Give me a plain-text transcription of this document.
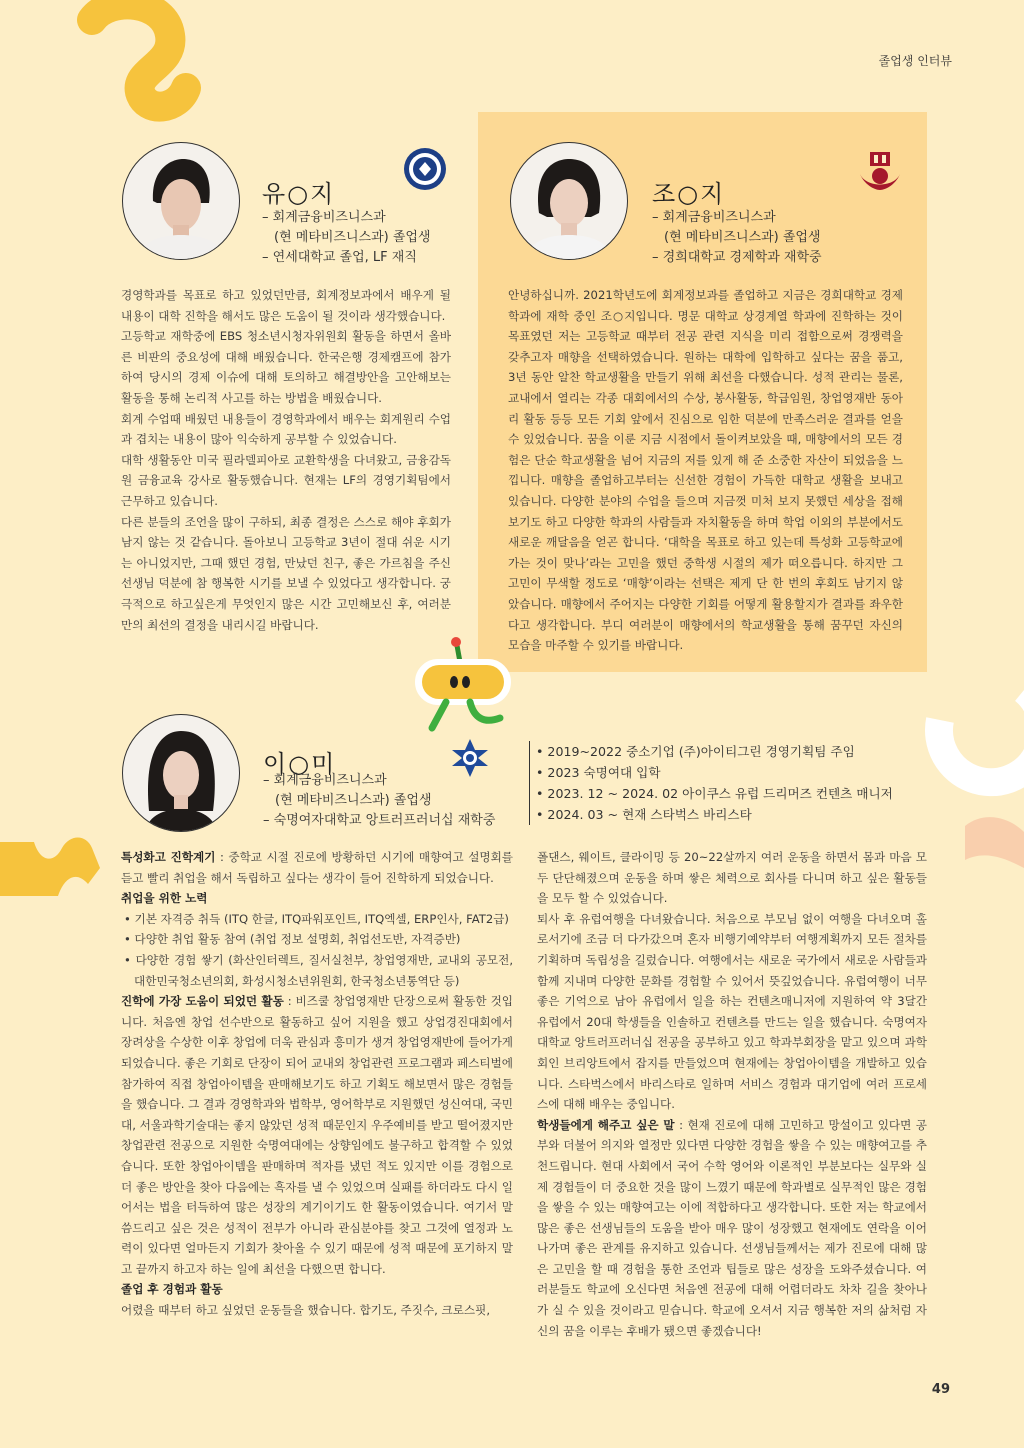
졸업생 인터뷰
유○지
– 회계금융비즈니스과
(현 메타비즈니스과) 졸업생
– 연세대학교 졸업, LF 재직

경영학과를 목표로 하고 있었던만큼, 회계정보과에서 배우게 될 내용이 대학 진학을 해서도 많은 도움이 될 것이라 생각했습니다.

고등학교 재학중에 EBS 청소년시청자위원회 활동을 하면서 올바른 비판의 중요성에 대해 배웠습니다. 한국은행 경제캠프에 참가하여 당시의 경제 이슈에 대해 토의하고 해결방안을 고안해보는 활동을 통해 논리적 사고를 하는 방법을 배웠습니다.

회계 수업때 배웠던 내용들이 경영학과에서 배우는 회계원리 수업과 겹치는 내용이 많아 익숙하게 공부할 수 있었습니다.

대학 생활동안 미국 필라델피아로 교환학생을 다녀왔고, 금융감독원 금융교육 강사로 활동했습니다. 현재는 LF의 경영기획팀에서 근무하고 있습니다.

다른 분들의 조언을 많이 구하되, 최종 결정은 스스로 해야 후회가 남지 않는 것 같습니다. 돌아보니 고등학교 3년이 절대 쉬운 시기는 아니었지만, 그때 했던 경험, 만났던 친구, 좋은 가르침을 주신 선생님 덕분에 참 행복한 시기를 보낼 수 있었다고 생각합니다. 궁극적으로 하고싶은게 무엇인지 많은 시간 고민해보신 후, 여러분만의 최선의 결정을 내리시길 바랍니다.

조○지
– 회계금융비즈니스과
(현 메타비즈니스과) 졸업생
– 경희대학교 경제학과 재학중

안녕하십니까. 2021학년도에 회계정보과를 졸업하고 지금은 경희대학교 경제학과에 재학 중인 조○지입니다. 명문 대학교 상경계열 학과에 진학하는 것이 목표였던 저는 고등학교 때부터 전공 관련 지식을 미리 접함으로써 경쟁력을 갖추고자 매향을 선택하였습니다. 원하는 대학에 입학하고 싶다는 꿈을 품고, 3년 동안 알찬 학교생활을 만들기 위해 최선을 다했습니다. 성적 관리는 물론, 교내에서 열리는 각종 대회에서의 수상, 봉사활동, 학급임원, 창업영재반 동아리 활동 등등 모든 기회 앞에서 진심으로 임한 덕분에 만족스러운 결과를 얻을 수 있었습니다. 꿈을 이룬 지금 시점에서 돌이켜보았을 때, 매향에서의 모든 경험은 단순 학교생활을 넘어 지금의 저를 있게 해 준 소중한 자산이 되었음을 느낍니다. 매향을 졸업하고부터는 신선한 경험이 가득한 대학교 생활을 보내고 있습니다. 다양한 분야의 수업을 들으며 지금껏 미처 보지 못했던 세상을 접해보기도 하고 다양한 학과의 사람들과 자치활동을 하며 학업 이외의 부분에서도 새로운 깨달음을 얻곤 합니다. ‘대학을 목표로 하고 있는데 특성화 고등학교에 가는 것이 맞나’라는 고민을 했던 중학생 시절의 제가 떠오릅니다. 하지만 그 고민이 무색할 정도로 ‘매향’이라는 선택은 제게 단 한 번의 후회도 남기지 않았습니다. 매향에서 주어지는 다양한 기회를 어떻게 활용할지가 결과를 좌우한다고 생각합니다. 부디 여러분이 매향에서의 학교생활을 통해 꿈꾸던 자신의 모습을 마주할 수 있기를 바랍니다.

이○미
– 회계금융비즈니스과
(현 메타비즈니스과) 졸업생
– 숙명여자대학교 앙트러프러너십 재학중
• 2019~2022 중소기업 (주)아이티그린 경영기획팀 주임
• 2023 숙명여대 입학
• 2023. 12 ~ 2024. 02 아이쿠스 유럽 드리머즈 컨텐츠 매니저
• 2024. 03 ~ 현재 스타벅스 바리스타

특성화고 진학계기 : 중학교 시절 진로에 방황하던 시기에 매향여고 설명회를 듣고 빨리 취업을 해서 독립하고 싶다는 생각이 들어 진학하게 되었습니다.

취업을 위한 노력

• 기본 자격증 취득 (ITQ 한글, ITQ파워포인트, ITQ엑셀, ERP인사, FAT2급)
• 다양한 취업 활동 참여 (취업 정보 설명회, 취업선도반, 자격증반)
• 다양한 경험 쌓기 (화산인터렉트, 질서실천부, 창업영재반, 교내외 공모전, 대한민국청소년의회, 화성시청소년위원회, 한국청소년통역단 등)

진학에 가장 도움이 되었던 활동 : 비즈쿨 창업영재반 단장으로써 활동한 것입니다. 처음엔 창업 선수반으로 활동하고 싶어 지원을 했고 상업경진대회에서 장려상을 수상한 이후 창업에 더욱 관심과 흥미가 생겨 창업영재반에 들어가게 되었습니다. 좋은 기회로 단장이 되어 교내외 창업관련 프로그램과 페스티벌에 참가하여 직접 창업아이템을 판매해보기도 하고 기획도 해보면서 많은 경험들을 했습니다. 그 결과 경영학과와 법학부, 영어학부로 지원했던 성신여대, 국민대, 서울과학기술대는 좋지 않았던 성적 때문인지 우주예비를 받고 떨어졌지만 창업관련 전공으로 지원한 숙명여대에는 상향임에도 불구하고 합격할 수 있었습니다. 또한 창업아이템을 판매하며 적자를 냈던 적도 있지만 이를 경험으로 더 좋은 방안을 찾아 다음에는 흑자를 낼 수 있었으며 실패를 하더라도 다시 일어서는 법을 터득하여 많은 성장의 계기이기도 한 활동이였습니다. 여기서 말씀드리고 싶은 것은 성적이 전부가 아니라 관심분야를 찾고 그것에 열정과 노력이 있다면 얼마든지 기회가 찾아올 수 있기 때문에 성적 때문에 포기하지 말고 끝까지 하고자 하는 일에 최선을 다했으면 합니다.

졸업 후 경험과 활동

어렸을 때부터 하고 싶었던 운동들을 했습니다. 합기도, 주짓수, 크로스핏,

폴댄스, 웨이트, 클라이밍 등 20~22살까지 여러 운동을 하면서 몸과 마음 모두 단단해졌으며 운동을 하며 쌓은 체력으로 회사를 다니며 하고 싶은 활동들을 모두 할 수 있었습니다.

퇴사 후 유럽여행을 다녀왔습니다. 처음으로 부모님 없이 여행을 다녀오며 홀로서기에 조금 더 다가갔으며 혼자 비행기예약부터 여행계획까지 모든 절차를 기획하며 독립성을 길렀습니다. 여행에서는 새로운 국가에서 새로운 사람들과 함께 지내며 다양한 문화를 경험할 수 있어서 뜻깊었습니다. 유럽여행이 너무 좋은 기억으로 남아 유럽에서 일을 하는 컨텐츠매니저에 지원하여 약 3달간 유럽에서 20대 학생들을 인솔하고 컨텐츠를 만드는 일을 했습니다. 숙명여자대학교 앙트러프러너십 전공을 공부하고 있고 학과부회장을 맡고 있으며 과학회인 브리앙트에서 잡지를 만들었으며 현재에는 창업아이템을 개발하고 있습니다. 스타벅스에서 바리스타로 일하며 서비스 경험과 대기업에 여러 프로세스에 대해 배우는 중입니다.

학생들에게 해주고 싶은 말 : 현재 진로에 대해 고민하고 망설이고 있다면 공부와 더불어 의지와 열정만 있다면 다양한 경험을 쌓을 수 있는 매향여고를 추천드립니다. 현대 사회에서 국어 수학 영어와 이론적인 부분보다는 실무와 실제 경험들이 더 중요한 것을 많이 느꼈기 때문에 학과별로 실무적인 많은 경험을 쌓을 수 있는 매향여고는 이에 적합하다고 생각합니다. 또한 저는 학교에서 많은 좋은 선생님들의 도움을 받아 매우 많이 성장했고 현재에도 연락을 이어나가며 좋은 관계를 유지하고 있습니다. 선생님들께서는 제가 진로에 대해 많은 고민을 할 때 경험을 통한 조언과 팁들로 많은 성장을 도와주셨습니다. 여러분들도 학교에 오신다면 처음엔 전공에 대해 어렵더라도 차차 길을 찾아나가 실 수 있을 것이라고 믿습니다. 학교에 오셔서 지금 행복한 저의 삶처럼 자신의 꿈을 이루는 후배가 됐으면 좋겠습니다!

49
